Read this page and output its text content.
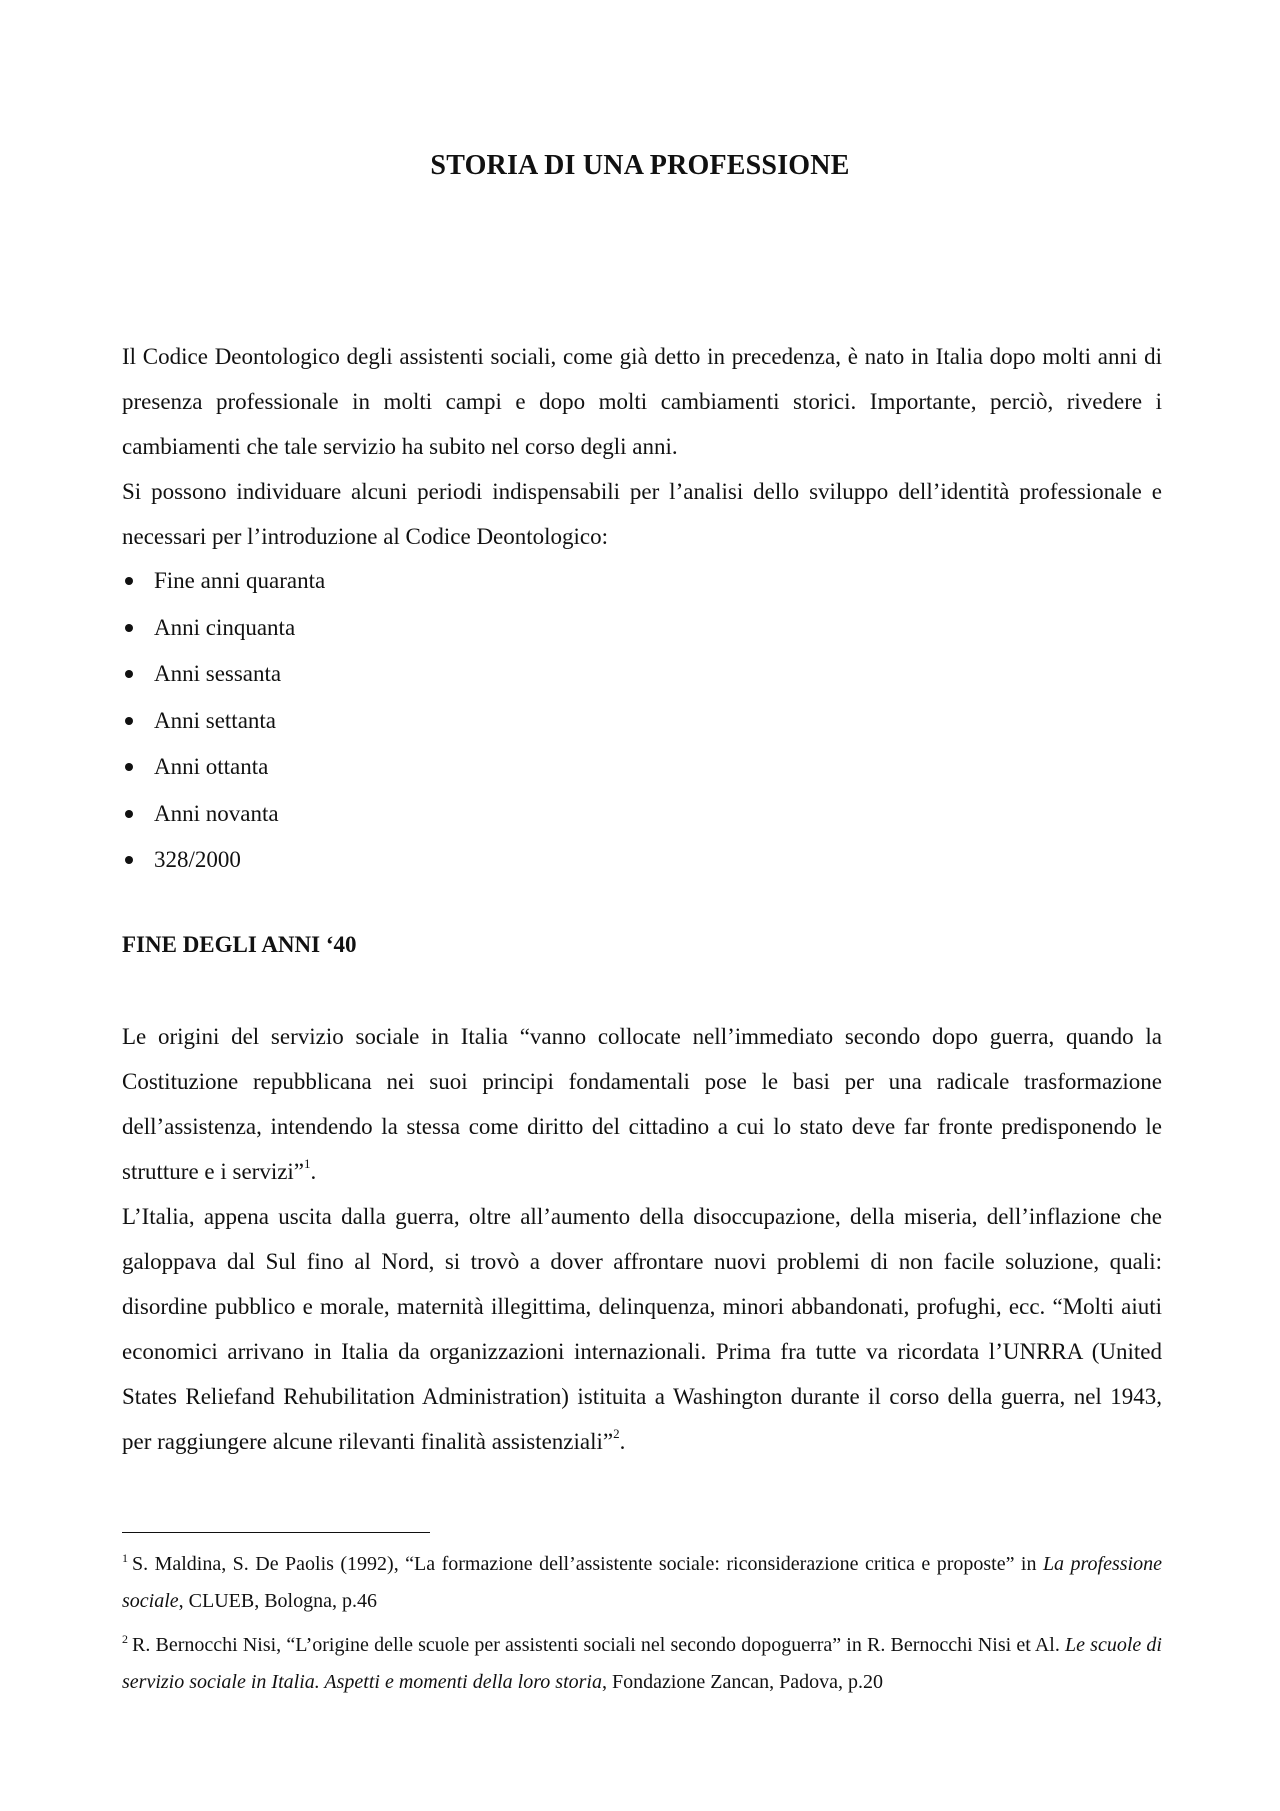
STORIA DI UNA PROFESSIONE

Il Codice Deontologico degli assistenti sociali, come già detto in precedenza, è nato in Italia dopo molti anni di presenza professionale in molti campi e dopo molti cambiamenti storici. Importante, perciò, rivedere i cambiamenti che tale servizio ha subito nel corso degli anni.

Si possono individuare alcuni periodi indispensabili per l’analisi dello sviluppo dell’identità professionale e necessari per l’introduzione al Codice Deontologico:

Fine anni quaranta
Anni cinquanta
Anni sessanta
Anni settanta
Anni ottanta
Anni novanta
328/2000
FINE DEGLI ANNI ‘40

Le origini del servizio sociale in Italia “vanno collocate nell’immediato secondo dopo guerra, quando la Costituzione repubblicana nei suoi principi fondamentali pose le basi per una radicale trasformazione dell’assistenza, intendendo la stessa come diritto del cittadino a cui lo stato deve far fronte predisponendo le strutture e i servizi”$^1$.

L’Italia, appena uscita dalla guerra, oltre all’aumento della disoccupazione, della miseria, dell’inflazione che galoppava dal Sul fino al Nord, si trovò a dover affrontare nuovi problemi di non facile soluzione, quali: disordine pubblico e morale, maternità illegittima, delinquenza, minori abbandonati, profughi, ecc. “Molti aiuti economici arrivano in Italia da organizzazioni internazionali. Prima fra tutte va ricordata l’UNRRA (United States Reliefand Rehubilitation Administration) istituita a Washington durante il corso della guerra, nel 1943, per raggiungere alcune rilevanti finalità assistenziali”$^2$.

$^1$ S. Maldina, S. De Paolis (1992), “La formazione dell’assistente sociale: riconsiderazione critica e proposte” in La professione sociale, CLUEB, Bologna, p.46

$^2$ R. Bernocchi Nisi, “L’origine delle scuole per assistenti sociali nel secondo dopoguerra” in R. Bernocchi Nisi et Al. Le scuole di servizio sociale in Italia. Aspetti e momenti della loro storia, Fondazione Zancan, Padova, p.20
